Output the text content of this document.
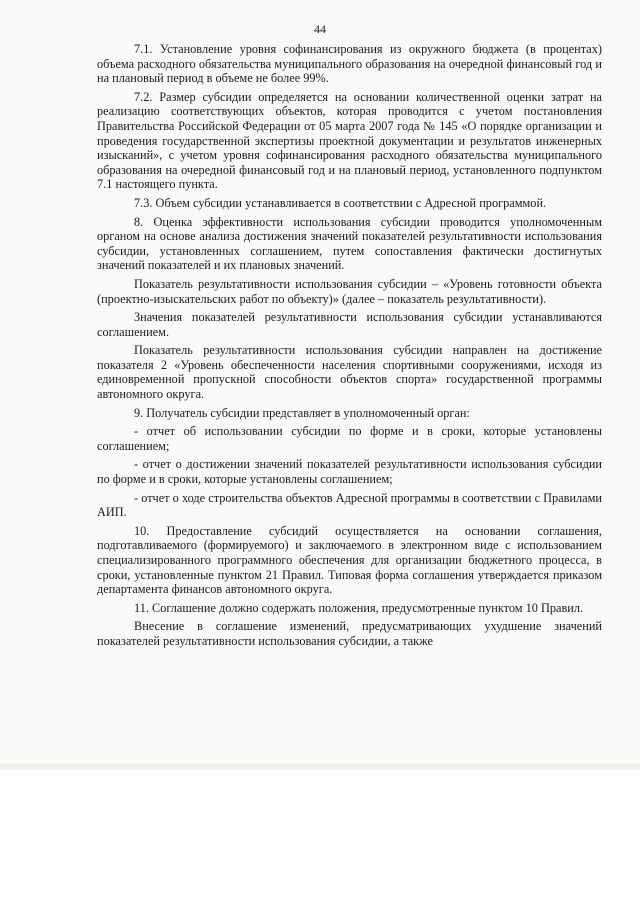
44

7.1. Установление уровня софинансирования из окружного бюджета (в процентах) объема расходного обязательства муниципального образования на очередной финансовый год и на плановый период в объеме не более 99%.

7.2. Размер субсидии определяется на основании количественной оценки затрат на реализацию соответствующих объектов, которая проводится с учетом постановления Правительства Российской Федерации от 05 марта 2007 года № 145 «О порядке организации и проведения государственной экспертизы проектной документации и результатов инженерных изысканий», с учетом уровня софинансирования расходного обязательства муниципального образования на очередной финансовый год и на плановый период, установленного подпунктом 7.1 настоящего пункта.

7.3. Объем субсидии устанавливается в соответствии с Адресной программой.

8. Оценка эффективности использования субсидии проводится уполномоченным органом на основе анализа достижения значений показателей результативности использования субсидии, установленных соглашением, путем сопоставления фактически достигнутых значений показателей и их плановых значений.

Показатель результативности использования субсидии – «Уровень готовности объекта (проектно-изыскательских работ по объекту)» (далее – показатель результативности).

Значения показателей результативности использования субсидии устанавливаются соглашением.

Показатель результативности использования субсидии направлен на достижение показателя 2 «Уровень обеспеченности населения спортивными сооружениями, исходя из единовременной пропускной способности объектов спорта» государственной программы автономного округа.

9. Получатель субсидии представляет в уполномоченный орган:

- отчет об использовании субсидии по форме и в сроки, которые установлены соглашением;

- отчет о достижении значений показателей результативности использования субсидии по форме и в сроки, которые установлены соглашением;

- отчет о ходе строительства объектов Адресной программы в соответствии с Правилами АИП.

10. Предоставление субсидий осуществляется на основании соглашения, подготавливаемого (формируемого) и заключаемого в электронном виде с использованием специализированного программного обеспечения для организации бюджетного процесса, в сроки, установленные пунктом 21 Правил. Типовая форма соглашения утверждается приказом департамента финансов автономного округа.

11. Соглашение должно содержать положения, предусмотренные пунктом 10 Правил.

Внесение в соглашение изменений, предусматривающих ухудшение значений показателей результативности использования субсидии, а также
